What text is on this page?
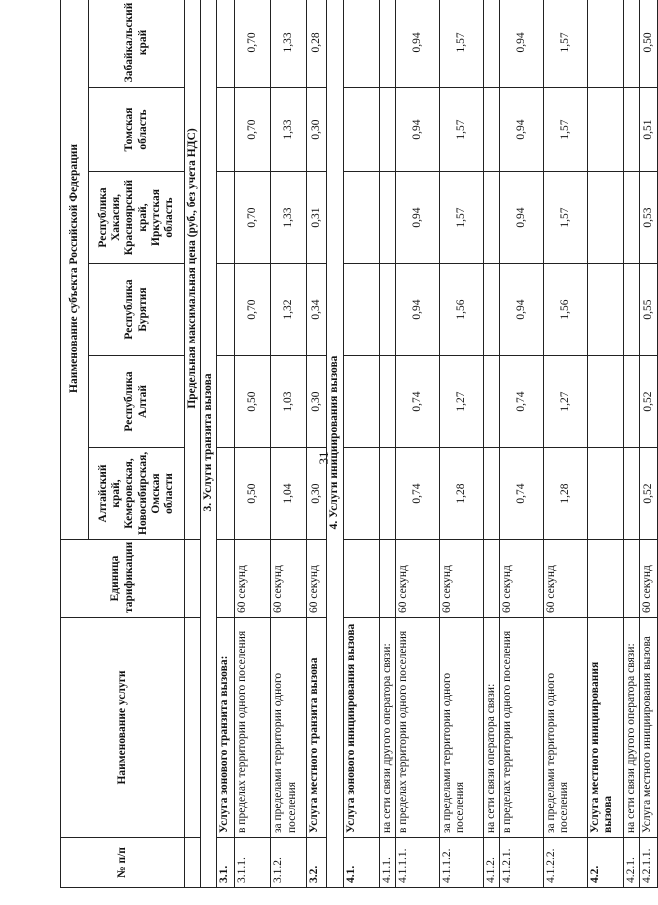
31
№ п/п	Наименование услуги	Единица тарификации	Наименование субъекта Российской Федерации					
			Алтайский край, Кемеровская, Новосибирская, Омская области	Республика Алтай	Республика Бурятия	Республика Хакасия, Красноярский край, Иркутская область	Томская область	Забайкальский край
			Предельная максимальная цена (руб., без учета НДС)					
3. Услуги транзита вызова								
3.1.	Услуга зонового транзита вызова:							
3.1.1.	в пределах территории одного поселения	60 секунд	0,50	0,50	0,70	0,70	0,70	0,70
3.1.2.	за пределами территории одного поселения	60 секунд	1,04	1,03	1,32	1,33	1,33	1,33
3.2.	Услуга местного транзита вызова	60 секунд	0,30	0,30	0,34	0,31	0,30	0,28
4. Услуги инициирования вызова								
4.1.	Услуга зонового инициирования вызова							
4.1.1.	на сети связи другого оператора связи:							
4.1.1.1.	в пределах территории одного поселения	60 секунд	0,74	0,74	0,94	0,94	0,94	0,94
4.1.1.2.	за пределами территории одного поселения	60 секунд	1,28	1,27	1,56	1,57	1,57	1,57
4.1.2.	на сети связи оператора связи:							
4.1.2.1.	в пределах территории одного поселения	60 секунд	0,74	0,74	0,94	0,94	0,94	0,94
4.1.2.2.	за пределами территории одного поселения	60 секунд	1,28	1,27	1,56	1,57	1,57	1,57
4.2.	Услуга местного инициирования вызова							
4.2.1.	на сети связи другого оператора связи:							
4.2.1.1.	Услуга местного инициирования вызова	60 секунд	0,52	0,52	0,55	0,53	0,51	0,50
